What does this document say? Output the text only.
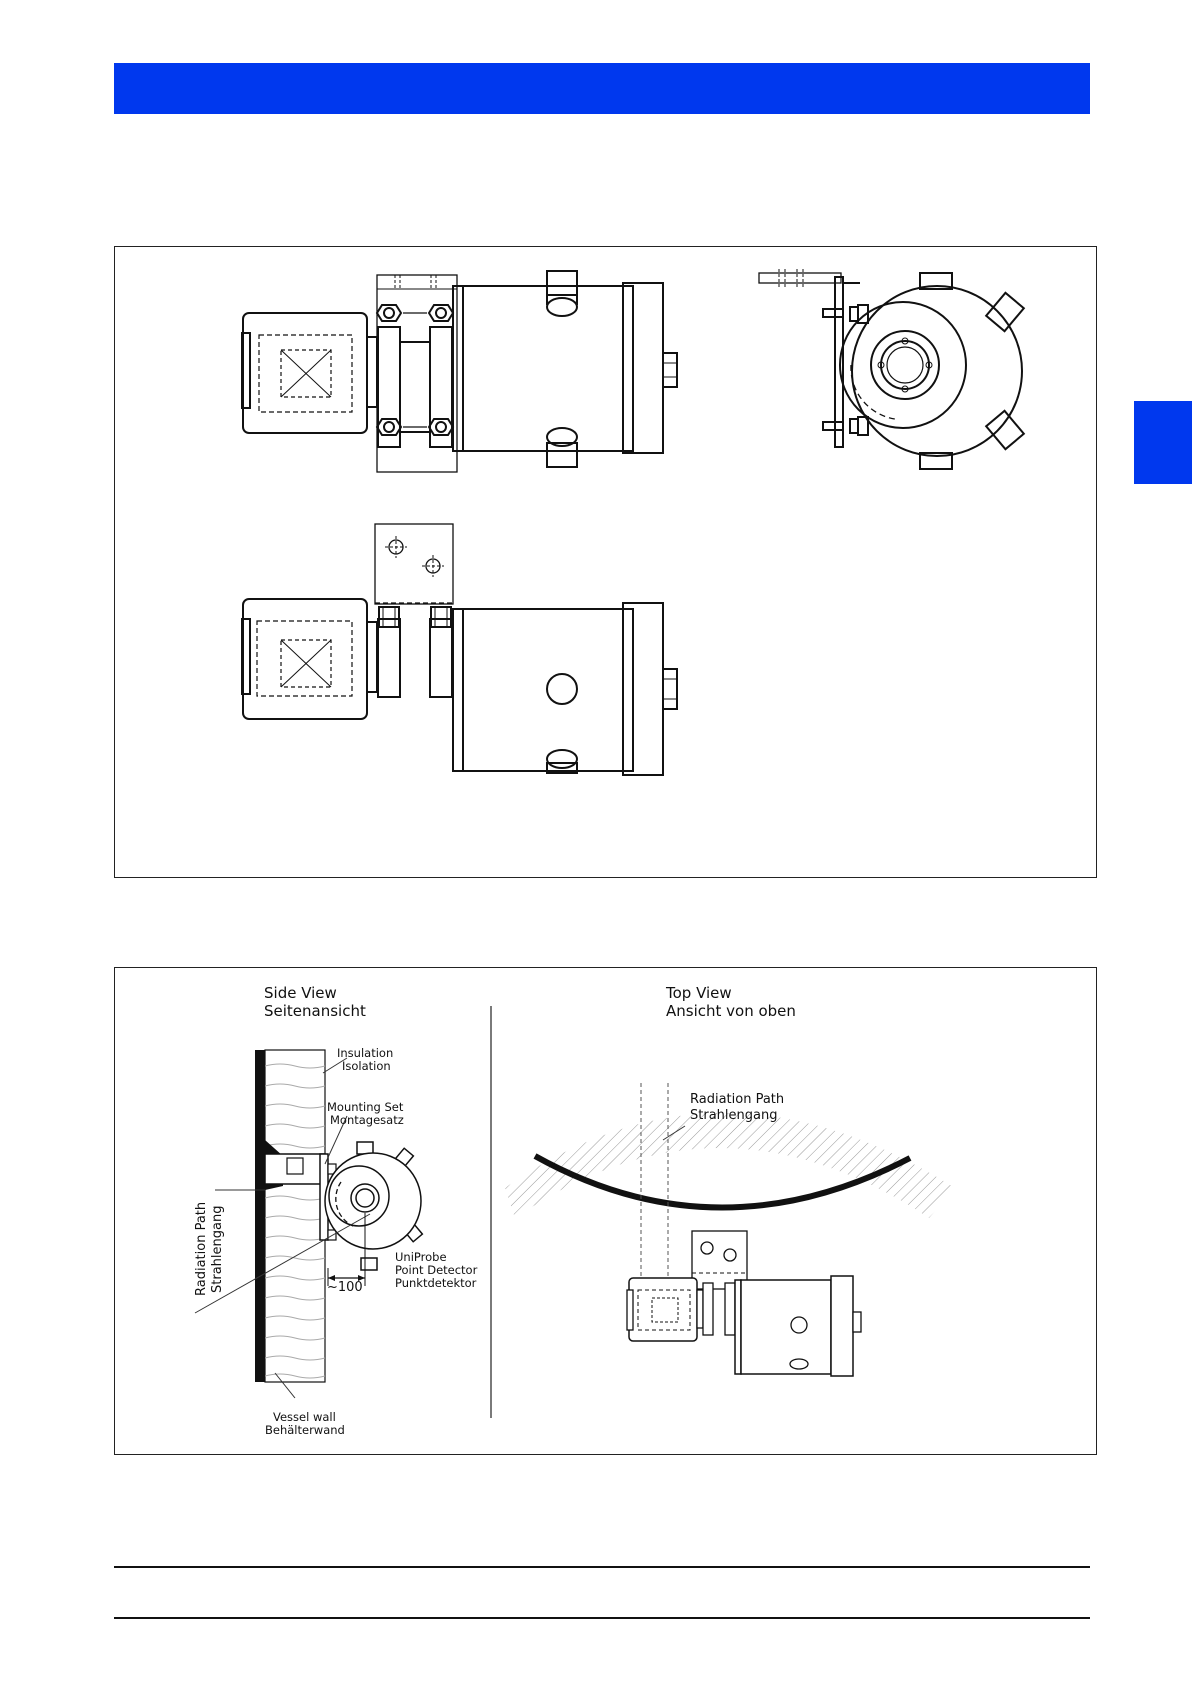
Side View
Seitenansicht
Insulation
Isolation
Mounting Set
Montagesatz
Radiation Path Strahlengang	UniProbe
Point Detector
Punktdetektor
~100
Vessel wall
Behälterwand
Top View
Ansicht von oben
Radiation Path
Strahlengang
